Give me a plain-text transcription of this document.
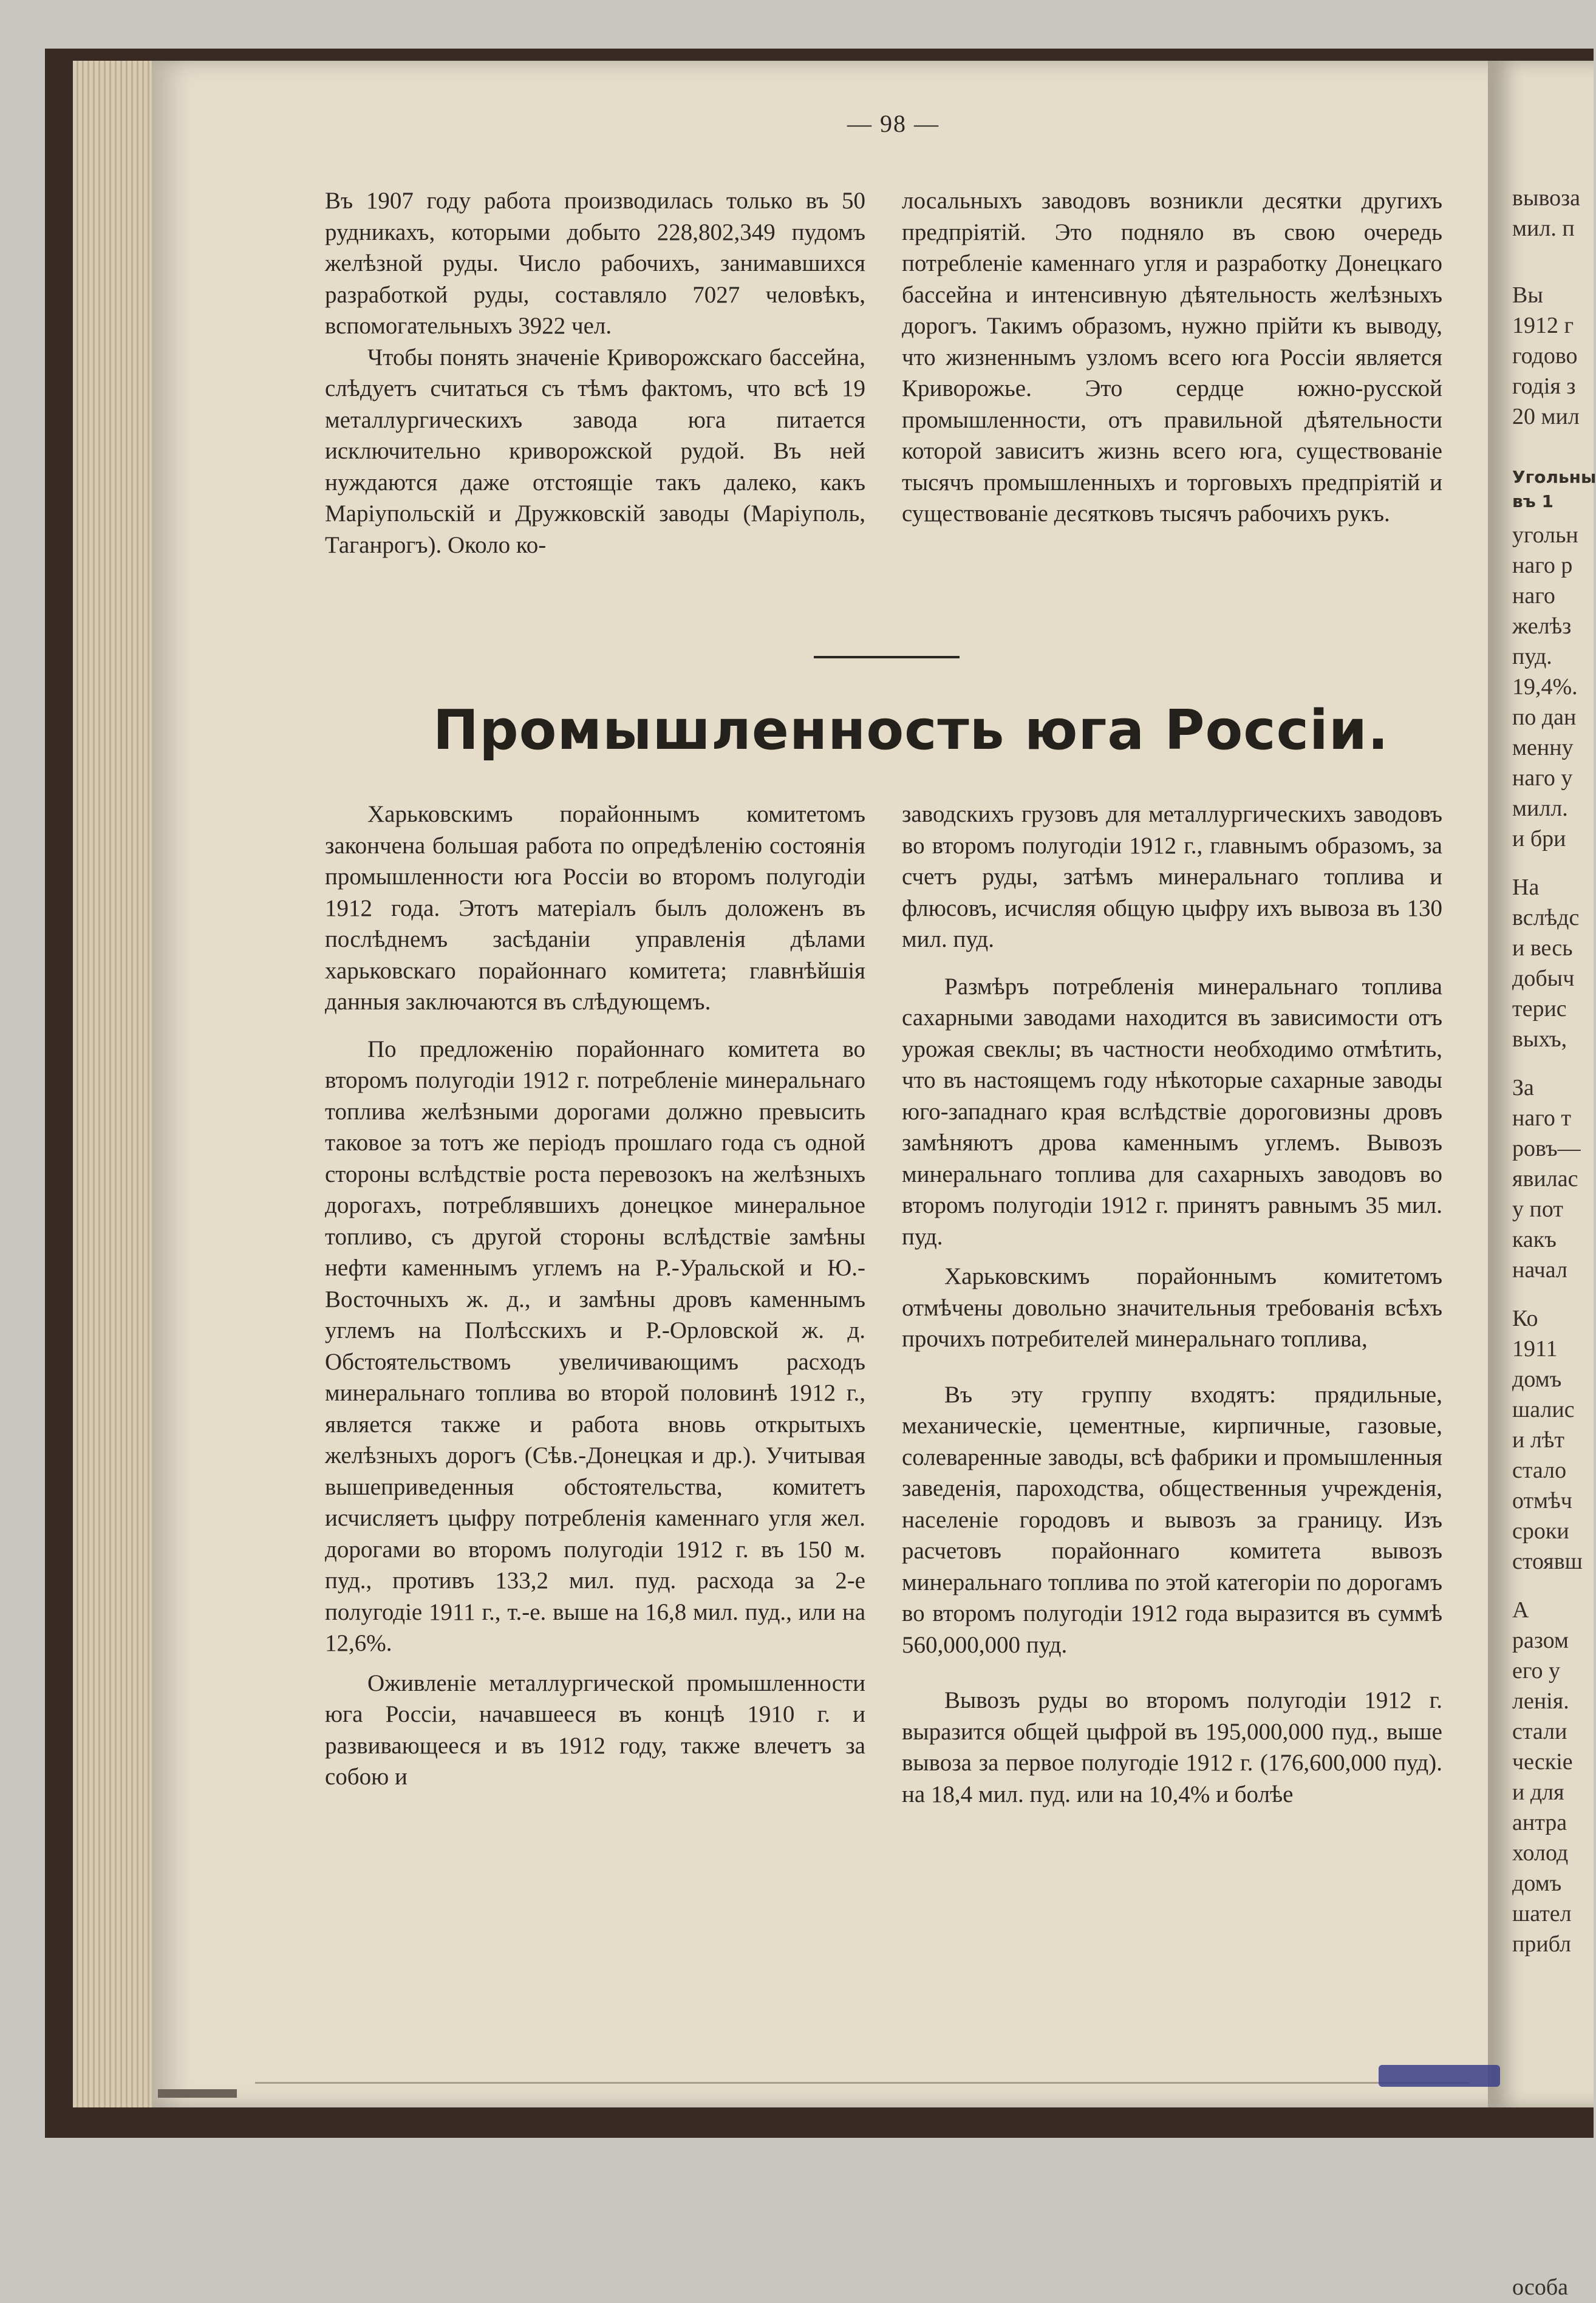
— 98 —

Въ 1907 году работа производилась только въ 50 рудникахъ, которыми добыто 228,802,349 пудомъ желѣзной руды. Число рабочихъ, занимавшихся разработкой руды, составляло 7027 человѣкъ, вспомогательныхъ 3922 чел.

Чтобы понять значеніе Криворожскаго бассейна, слѣдуетъ считаться съ тѣмъ фактомъ, что всѣ 19 металлургическихъ завода юга питается исключительно криворожской рудой. Въ ней нуждаются даже отстоящіе такъ далеко, какъ Маріупольскій и Дружковскій заводы (Маріуполь, Таганрогъ). Около ко-

лосальныхъ заводовъ возникли десятки другихъ предпріятій. Это подняло въ свою очередь потребленіе каменнаго угля и разработку Донецкаго бассейна и интенсивную дѣятельность желѣзныхъ дорогъ. Такимъ образомъ, нужно прійти къ выводу, что жизненнымъ узломъ всего юга Россіи является Криворожье. Это сердце южно-русской промышленности, отъ правильной дѣятельности которой зависитъ жизнь всего юга, существованіе тысячъ промышленныхъ и торговыхъ предпріятій и существованіе десятковъ тысячъ рабочихъ рукъ.

Промышленность юга Россіи.

Харьковскимъ порайоннымъ комитетомъ закончена большая работа по опредѣленію состоянія промышленности юга Россіи во второмъ полугодіи 1912 года. Этотъ матеріалъ былъ доложенъ въ послѣднемъ засѣданіи управленія дѣлами харьковскаго порайоннаго комитета; главнѣйшія данныя заключаются въ слѣдующемъ.

По предложенію порайоннаго комитета во второмъ полугодіи 1912 г. потребленіе минеральнаго топлива желѣзными дорогами должно превысить таковое за тотъ же періодъ прошлаго года съ одной стороны вслѣдствіе роста перевозокъ на желѣзныхъ дорогахъ, потреблявшихъ донецкое минеральное топливо, съ другой стороны вслѣдствіе замѣны нефти каменнымъ углемъ на Р.-Уральской и Ю.-Восточныхъ ж. д., и замѣны дровъ каменнымъ углемъ на Полѣсскихъ и Р.-Орловской ж. д. Обстоятельствомъ увеличивающимъ расходъ минеральнаго топлива во второй половинѣ 1912 г., является также и работа вновь открытыхъ желѣзныхъ дорогъ (Сѣв.-Донецкая и др.). Учитывая вышеприведенныя обстоятельства, комитетъ исчисляетъ цыфру потребленія каменнаго угля жел. дорогами во второмъ полугодіи 1912 г. въ 150 м. пуд., противъ 133,2 мил. пуд. расхода за 2-е полугодіе 1911 г., т.-е. выше на 16,8 мил. пуд., или на 12,6%.

Оживленіе металлургической промышленности юга Россіи, начавшееся въ концѣ 1910 г. и развивающееся и въ 1912 году, также влечетъ за собою и

заводскихъ грузовъ для металлургическихъ заводовъ во второмъ полугодіи 1912 г., главнымъ образомъ, за счетъ руды, затѣмъ минеральнаго топлива и флюсовъ, исчисляя общую цыфру ихъ вывоза въ 130 мил. пуд.

Размѣръ потребленія минеральнаго топлива сахарными заводами находится въ зависимости отъ урожая свеклы; въ частности необходимо отмѣтить, что въ настоящемъ году нѣкоторые сахарные заводы юго-западнаго края вслѣдствіе дороговизны дровъ замѣняютъ дрова каменнымъ углемъ. Вывозъ минеральнаго топлива для сахарныхъ заводовъ во второмъ полугодіи 1912 г. принятъ равнымъ 35 мил. пуд.

Харьковскимъ порайоннымъ комитетомъ отмѣчены довольно значительныя требованія всѣхъ прочихъ потребителей минеральнаго топлива,

Въ эту группу входятъ: прядильные, механическіе, цементные, кирпичные, газовые, солеваренные заводы, всѣ фабрики и промышленныя заведенія, пароходства, общественныя учрежденія, населеніе городовъ и вывозъ за границу. Изъ расчетовъ порайоннаго комитета вывозъ минеральнаго топлива по этой категоріи по дорогамъ во второмъ полугодіи 1912 года выразится въ суммѣ 560,000,000 пуд.

Вывозъ руды во второмъ полугодіи 1912 г. выразится общей цыфрой въ 195,000,000 пуд., выше вывоза за первое полугодіе 1912 г. (176,600,000 пуд). на 18,4 мил. пуд. или на 10,4% и болѣе

вывоза
мил. п
Вы
1912 г
годово
годія з
20 мил
Угольны
въ 1
угольн
наго р
наго
желѣз
пуд.
19,4%.
по дан
менну
наго у
милл.
и бри
На
вслѣдс
и весь
добыч
терис
выхъ,
За
наго т
ровъ—
явилас
у пот
какъ
начал
Ко
1911
домъ
шалис
и лѣт
стало
отмѣч
сроки
стоявш
А
разом
его у
ленія.
стали
ческіе
и для
антра
холод
домъ
шател
прибл
особа
